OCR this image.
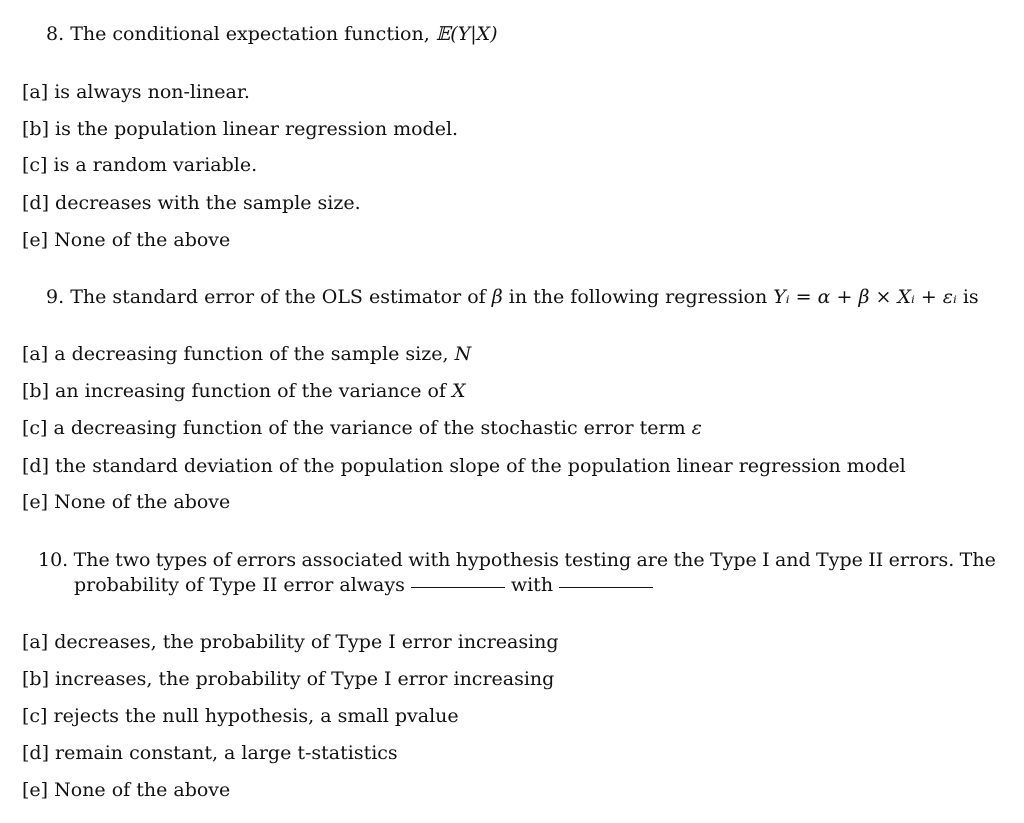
8. The conditional expectation function, 𝔼(Y|X)
[a] is always non-linear.
[b] is the population linear regression model.
[c] is a random variable.
[d] decreases with the sample size.
[e] None of the above
9. The standard error of the OLS estimator of β in the following regression Yᵢ = α + β × Xᵢ + εᵢ is
[a] a decreasing function of the sample size, N
[b] an increasing function of the variance of X
[c] a decreasing function of the variance of the stochastic error term ε
[d] the standard deviation of the population slope of the population linear regression model
[e] None of the above
10. The two types of errors associated with hypothesis testing are the Type I and Type II errors. The
probability of Type II error always	with
[a] decreases, the probability of Type I error increasing
[b] increases, the probability of Type I error increasing
[c] rejects the null hypothesis, a small pvalue
[d] remain constant, a large t-statistics
[e] None of the above
